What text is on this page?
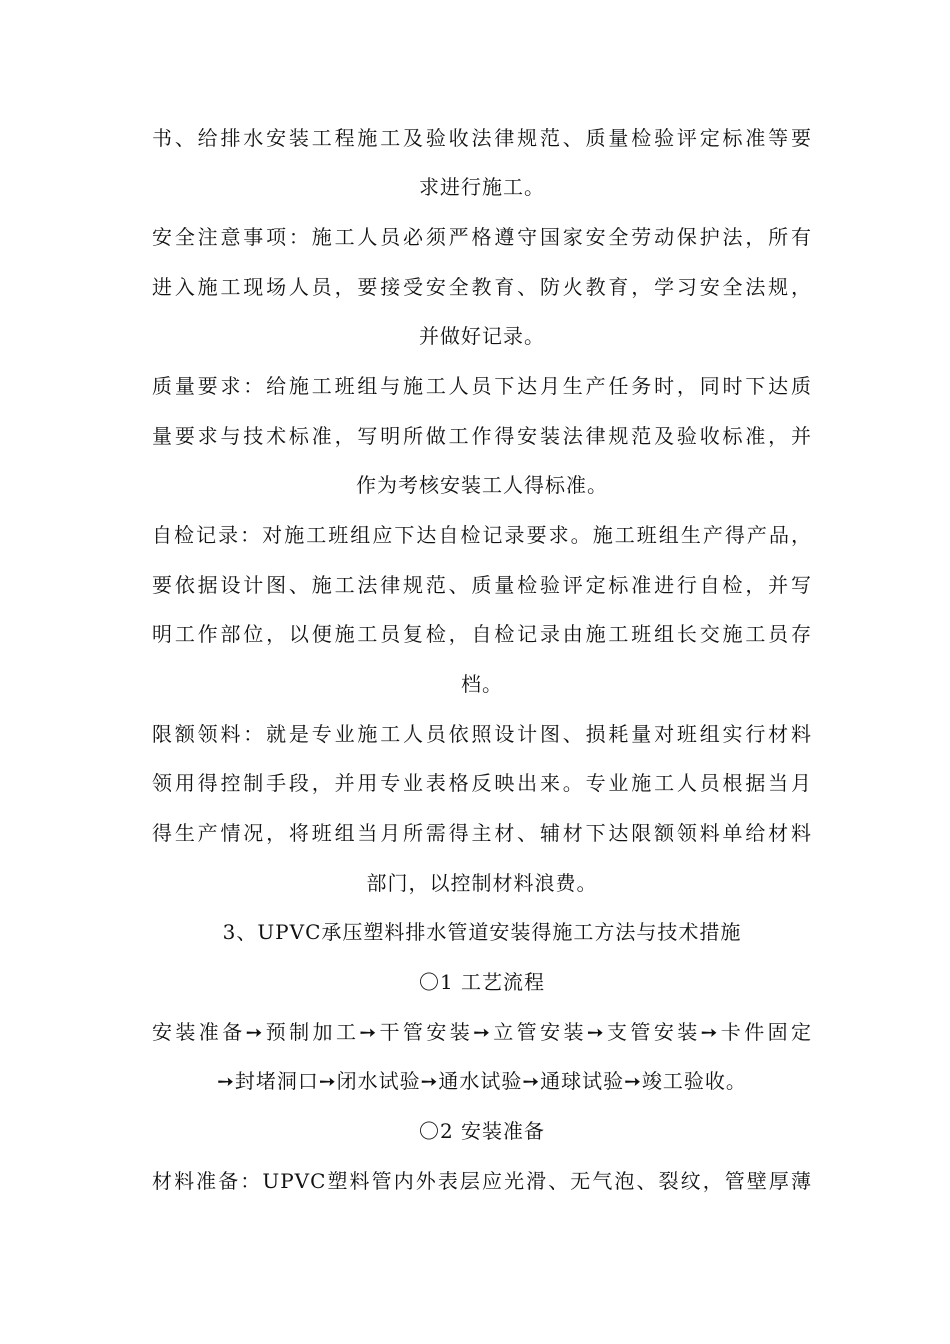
书、给排水安装工程施工及验收法律规范、质量检验评定标准等要
求进行施工。
安全注意事项：施工人员必须严格遵守国家安全劳动保护法，所有
进入施工现场人员，要接受安全教育、防火教育，学习安全法规，
并做好记录。
质量要求：给施工班组与施工人员下达月生产任务时，同时下达质
量要求与技术标准，写明所做工作得安装法律规范及验收标准，并
作为考核安装工人得标准。
自检记录：对施工班组应下达自检记录要求。施工班组生产得产品，
要依据设计图、施工法律规范、质量检验评定标准进行自检，并写
明工作部位，以便施工员复检，自检记录由施工班组长交施工员存
档。
限额领料：就是专业施工人员依照设计图、损耗量对班组实行材料
领用得控制手段，并用专业表格反映出来。专业施工人员根据当月
得生产情况，将班组当月所需得主材、辅材下达限额领料单给材料
部门，以控制材料浪费。
3、UPVC承压塑料排水管道安装得施工方法与技术措施
〇1 工艺流程
安装准备➙预制加工➙干管安装➙立管安装➙支管安装➙卡件固定
➙封堵洞口➙闭水试验➙通水试验➙通球试验➙竣工验收。
〇2 安装准备
材料准备：UPVC塑料管内外表层应光滑、无气泡、裂纹，管壁厚薄
